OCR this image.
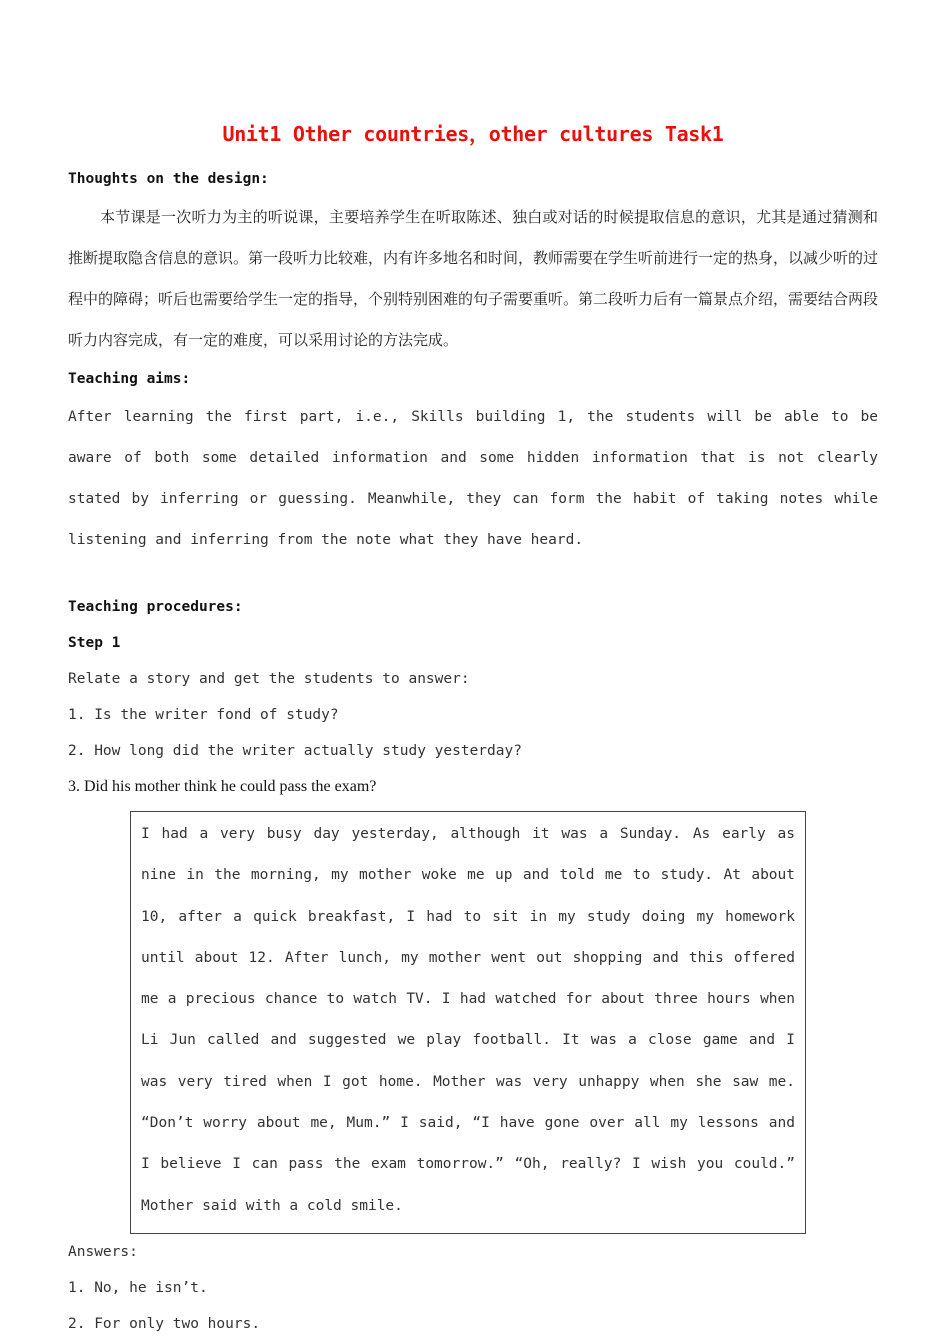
Unit1 Other countries，other cultures Task1

Thoughts on the design:

本节课是一次听力为主的听说课，主要培养学生在听取陈述、独白或对话的时候提取信息的意识，尤其是通过猜测和推断提取隐含信息的意识。第一段听力比较难，内有许多地名和时间，教师需要在学生听前进行一定的热身，以减少听的过程中的障碍；听后也需要给学生一定的指导，个别特别困难的句子需要重听。第二段听力后有一篇景点介绍，需要结合两段听力内容完成，有一定的难度，可以采用讨论的方法完成。

Teaching aims:

After learning the first part, i.e., Skills building 1, the students will be able to be aware of both some detailed information and some hidden information that is not clearly stated by inferring or guessing. Meanwhile, they can form the habit of taking notes while listening and inferring from the note what they have heard.

Teaching procedures:

Step 1

Relate a story and get the students to answer:

1. Is the writer fond of study?

2. How long did the writer actually study yesterday?

3. Did his mother think he could pass the exam?

I had a very busy day yesterday, although it was a Sunday. As early as nine in the morning, my mother woke me up and told me to study. At about 10, after a quick breakfast, I had to sit in my study doing my homework until about 12. After lunch, my mother went out shopping and this offered me a precious chance to watch TV. I had watched for about three hours when Li Jun called and suggested we play football. It was a close game and I was very tired when I got home. Mother was very unhappy when she saw me. “Don’t worry about me, Mum.” I said, “I have gone over all my lessons and I believe I can pass the exam tomorrow.” “Oh, really? I wish you could.” Mother said with a cold smile.

Answers:

1. No, he isn’t.

2. For only two hours.
